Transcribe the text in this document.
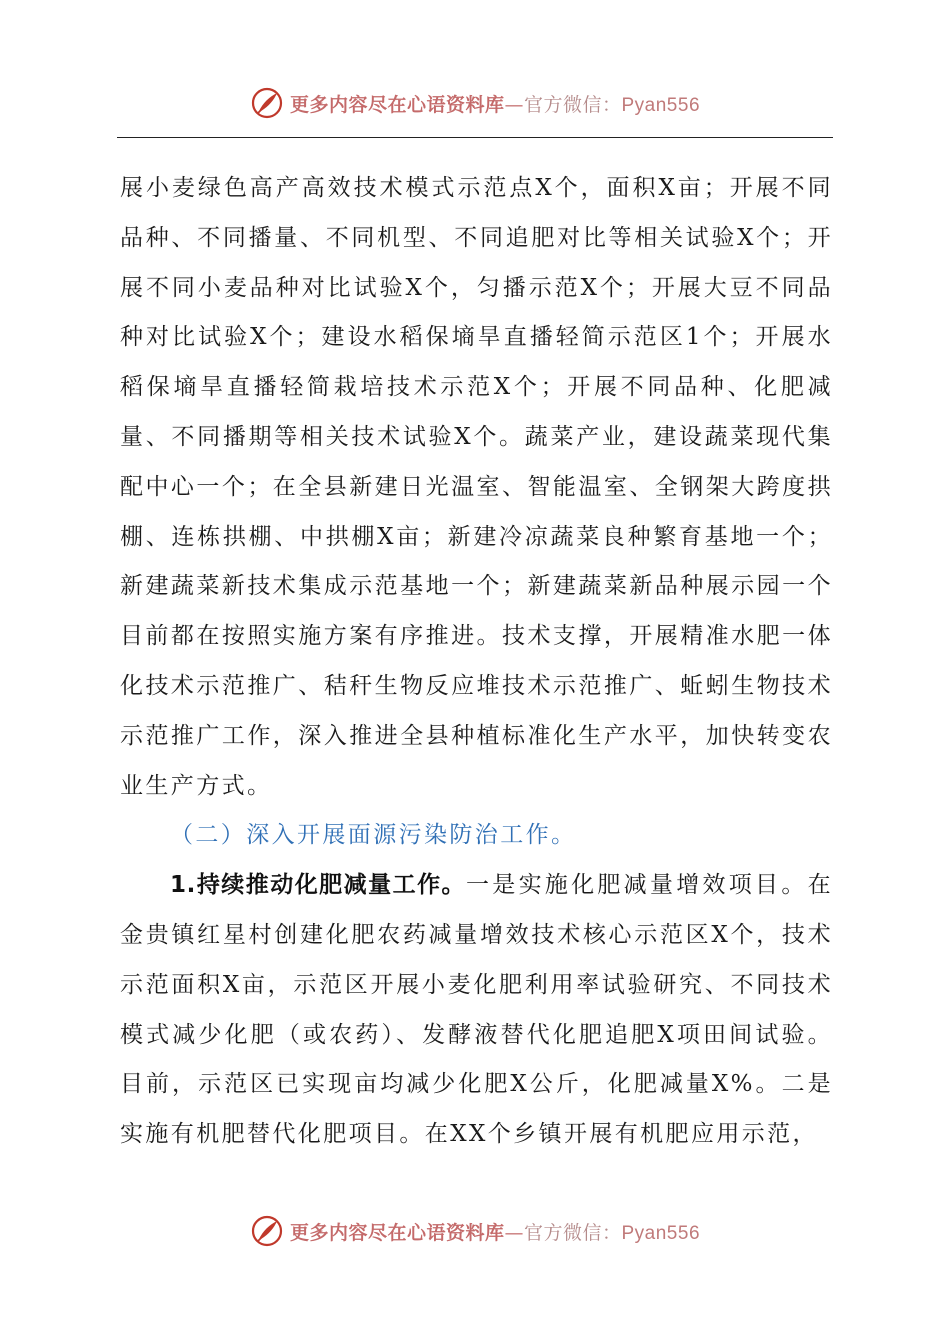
更多内容尽在心语资料库—官方微信：Pyan556

展小麦绿色高产高效技术模式示范点X个，面积X亩；开展不同品种、不同播量、不同机型、不同追肥对比等相关试验X个；开展不同小麦品种对比试验X个，匀播示范X个；开展大豆不同品种对比试验X个；建设水稻保墒旱直播轻简示范区1个；开展水稻保墒旱直播轻简栽培技术示范X个；开展不同品种、化肥减量、不同播期等相关技术试验X个。蔬菜产业，建设蔬菜现代集配中心一个；在全县新建日光温室、智能温室、全钢架大跨度拱棚、连栋拱棚、中拱棚X亩；新建冷凉蔬菜良种繁育基地一个；新建蔬菜新技术集成示范基地一个；新建蔬菜新品种展示园一个目前都在按照实施方案有序推进。技术支撑，开展精准水肥一体化技术示范推广、秸秆生物反应堆技术示范推广、蚯蚓生物技术示范推广工作，深入推进全县种植标准化生产水平，加快转变农业生产方式。

（二）深入开展面源污染防治工作。

1.持续推动化肥减量工作。一是实施化肥减量增效项目。在金贵镇红星村创建化肥农药减量增效技术核心示范区X个，技术示范面积X亩，示范区开展小麦化肥利用率试验研究、不同技术模式减少化肥（或农药）、发酵液替代化肥追肥X项田间试验。目前，示范区已实现亩均减少化肥X公斤，化肥减量X%。二是实施有机肥替代化肥项目。在XX个乡镇开展有机肥应用示范，

更多内容尽在心语资料库—官方微信：Pyan556
